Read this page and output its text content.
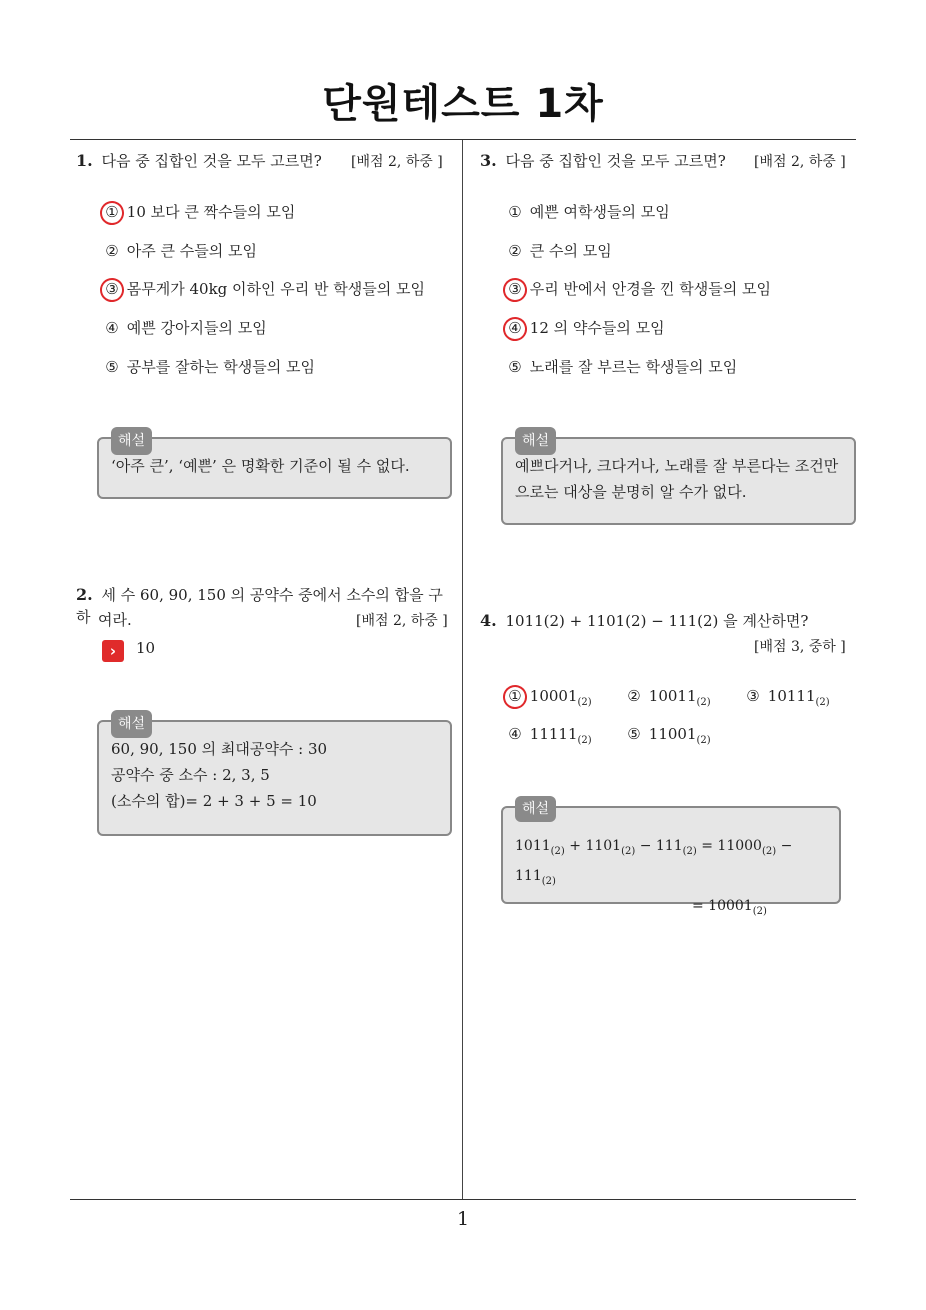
단원테스트 1차
1. 다음 중 집합인 것을 모두 고르면? [배점 2, 하중 ]
① 10 보다 큰 짝수들의 모임
② 아주 큰 수들의 모임
③ 몸무게가 40kg 이하인 우리 반 학생들의 모임
④ 예쁜 강아지들의 모임
⑤ 공부를 잘하는 학생들의 모임
해설
‘아주 큰’, ‘예쁜’ 은 명확한 기준이 될 수 없다.
2. 세 수 60, 90, 150 의 공약수 중에서 소수의 합을 구하 여라.	[배점 2, 하중 ]
›	10
해설
60, 90, 150 의 최대공약수 : 30
공약수 중 소수 : 2, 3, 5
(소수의 합)= 2 + 3 + 5 = 10
3. 다음 중 집합인 것을 모두 고르면? [배점 2, 하중 ]
① 예쁜 여학생들의 모임
② 큰 수의 모임
③ 우리 반에서 안경을 낀 학생들의 모임
④ 12 의 약수들의 모임
⑤ 노래를 잘 부르는 학생들의 모임
해설
예쁘다거나, 크다거나, 노래를 잘 부른다는 조건만
으로는 대상을 분명히 알 수가 없다.
4. 1011(2) + 1101(2) − 111(2) 을 계산하면?
[배점 3, 중하 ]
① $10001_{(2)}$ ② $10011_{(2)}$ ③ $10111_{(2)}$
④ $11111_{(2)}$ ⑤ $11001_{(2)}$
해설
$1011_{(2)} + 1101_{(2)} - 111_{(2)} = 11000_{(2)} - 111_{(2)}$
= $10001_{(2)}$
1
